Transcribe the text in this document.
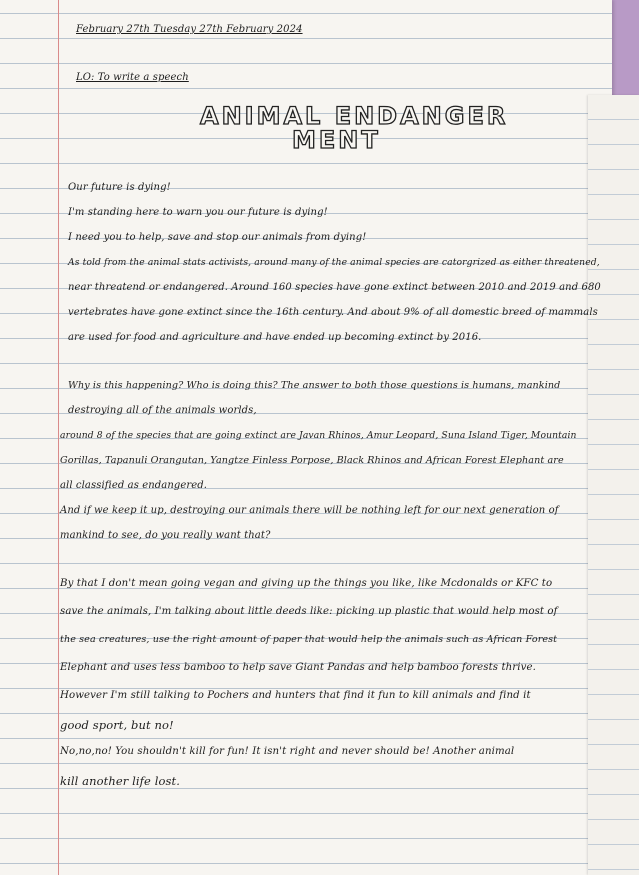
February 27th Tuesday 27th February 2024
LO: To write a speech
ANIMAL ENDANGER
MENT
Our future is dying!
I'm standing here to warn you our future is dying!
I need you to help, save and stop our animals from dying!
As told from the animal stats activists, around many of the animal species are catorgrized as either threatened,
near threatend or endangered. Around 160 species have gone extinct between 2010 and 2019 and 680
vertebrates have gone extinct since the 16th century. And about 9% of all domestic breed of mammals
are used for food and agriculture and have ended up becoming extinct by 2016.
Why is this happening? Who is doing this? The answer to both those questions is humans, mankind
destroying all of the animals worlds,
around 8 of the species that are going extinct are Javan Rhinos, Amur Leopard, Suna Island Tiger, Mountain
Gorillas, Tapanuli Orangutan, Yangtze Finless Porpose, Black Rhinos and African Forest Elephant are
all classified as endangered.
And if we keep it up, destroying our animals there will be nothing left for our next generation of
mankind to see, do you really want that?
By that I don't mean going vegan and giving up the things you like, like Mcdonalds or KFC to
save the animals, I'm talking about little deeds like: picking up plastic that would help most of
the sea creatures, use the right amount of paper that would help the animals such as African Forest
Elephant and uses less bamboo to help save Giant Pandas and help bamboo forests thrive.
However I'm still talking to Pochers and hunters that find it fun to kill animals and find it
good sport, but no!
No,no,no! You shouldn't kill for fun! It isn't right and never should be! Another animal
kill another life lost.
